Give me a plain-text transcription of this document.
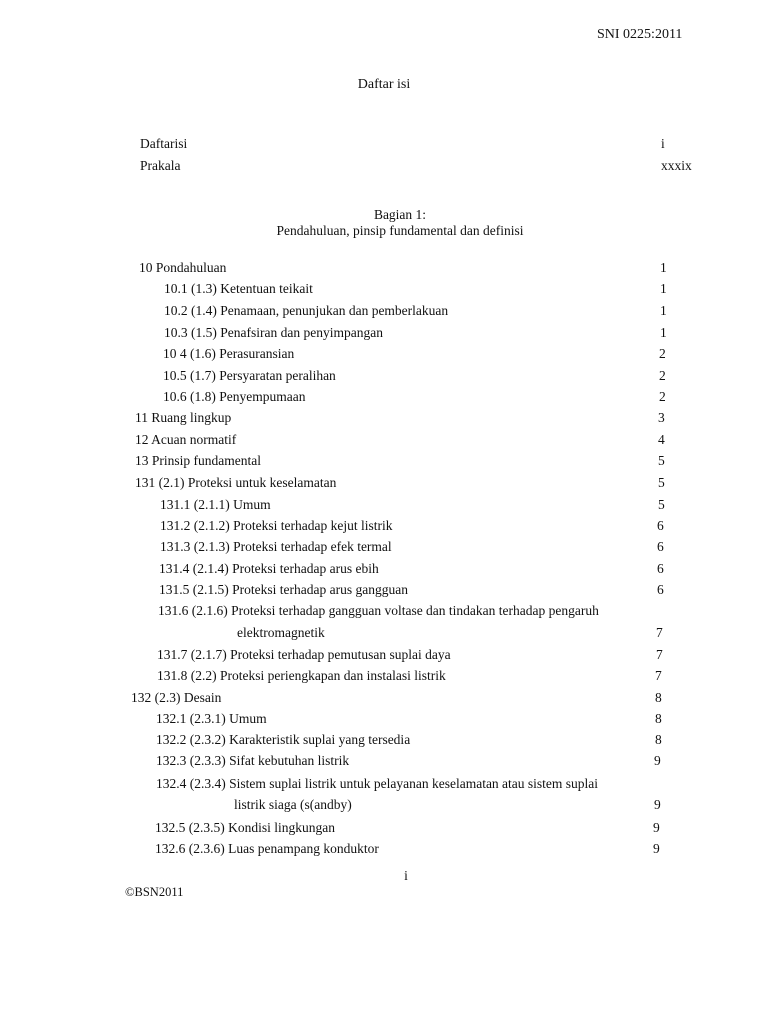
SNI 0225:2011
Daftar isi
Daftarisi	i
Prakala	xxxix
Bagian 1:
Pendahuluan, pinsip fundamental dan definisi
10 Pondahuluan	1
10.1 (1.3) Ketentuan teikait	1
10.2 (1.4) Penamaan, penunjukan dan pemberlakuan	1
10.3 (1.5) Penafsiran dan penyimpangan	1
10 4 (1.6) Perasuransian	2
10.5 (1.7) Persyaratan peralihan	2
10.6 (1.8) Penyempumaan	2
11 Ruang lingkup	3
12 Acuan normatif	4
13 Prinsip fundamental	5
131 (2.1) Proteksi untuk keselamatan	5
131.1 (2.1.1) Umum	5
131.2 (2.1.2) Proteksi terhadap kejut listrik	6
131.3 (2.1.3) Proteksi terhadap efek termal	6
131.4 (2.1.4) Proteksi terhadap arus ebih	6
131.5 (2.1.5) Proteksi terhadap arus gangguan	6
131.6 (2.1.6) Proteksi terhadap gangguan voltase dan tindakan terhadap pengaruh
elektromagnetik	7
131.7 (2.1.7) Proteksi terhadap pemutusan suplai daya	7
131.8 (2.2) Proteksi periengkapan dan instalasi listrik	7
132 (2.3) Desain	8
132.1 (2.3.1) Umum	8
132.2 (2.3.2) Karakteristik suplai yang tersedia	8
132.3 (2.3.3) Sifat kebutuhan listrik	9
132.4 (2.3.4) Sistem suplai listrik untuk pelayanan keselamatan atau sistem suplai
listrik siaga (s(andby)	9
132.5 (2.3.5) Kondisi lingkungan	9
132.6 (2.3.6) Luas penampang konduktor	9
i
©BSN2011
